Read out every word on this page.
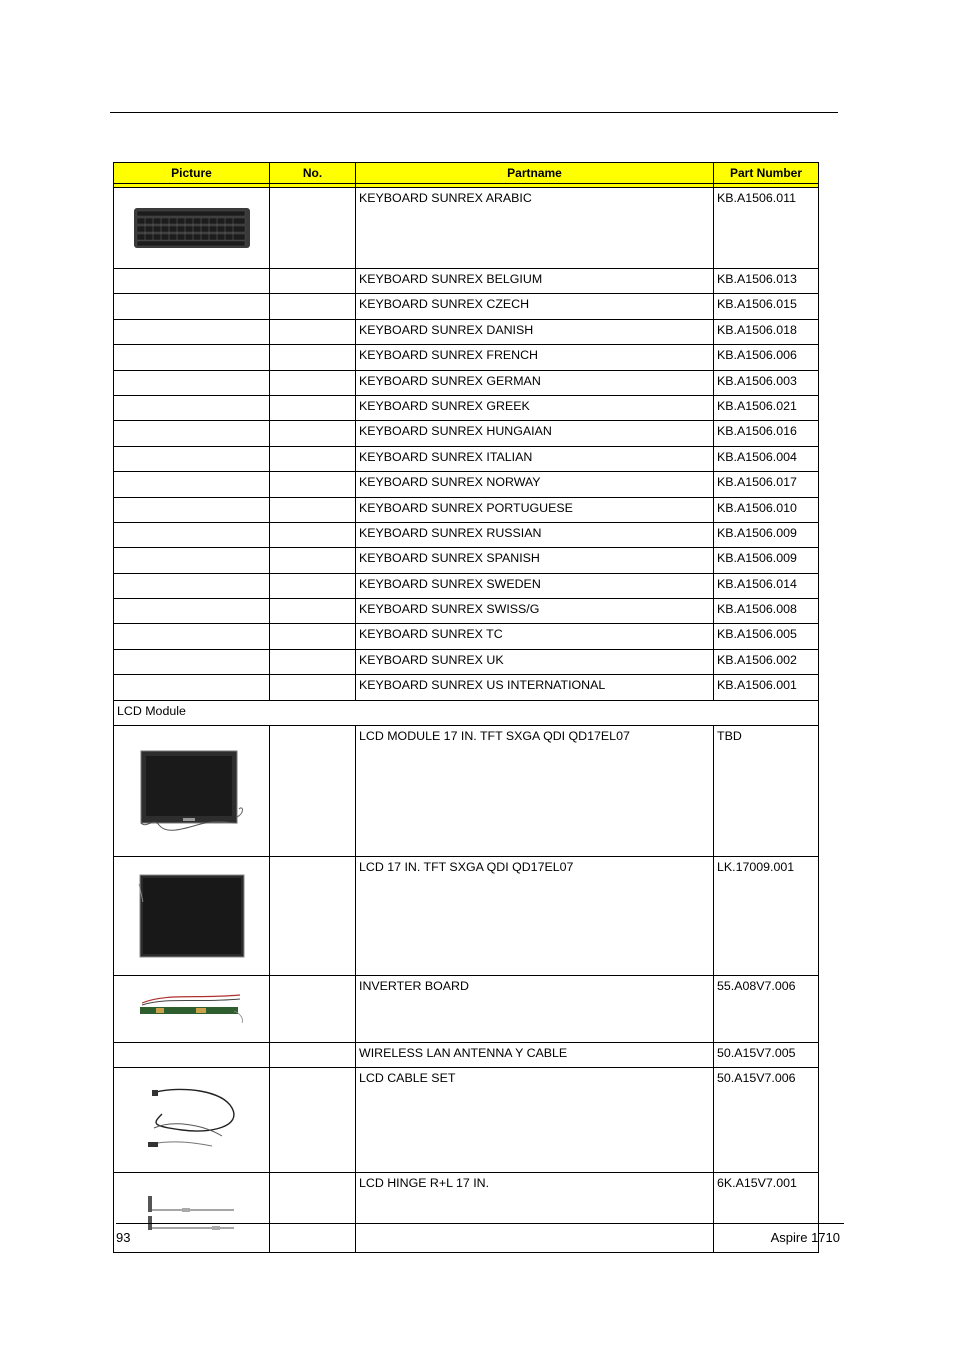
Picture	No.	Partname	Part Number

		KEYBOARD SUNREX ARABIC	KB.A1506.011
		KEYBOARD SUNREX BELGIUM	KB.A1506.013
		KEYBOARD SUNREX CZECH	KB.A1506.015
		KEYBOARD SUNREX DANISH	KB.A1506.018
		KEYBOARD SUNREX FRENCH	KB.A1506.006
		KEYBOARD SUNREX GERMAN	KB.A1506.003
		KEYBOARD SUNREX GREEK	KB.A1506.021
		KEYBOARD SUNREX HUNGAIAN	KB.A1506.016
		KEYBOARD SUNREX ITALIAN	KB.A1506.004
		KEYBOARD SUNREX NORWAY	KB.A1506.017
		KEYBOARD SUNREX PORTUGUESE	KB.A1506.010
		KEYBOARD SUNREX RUSSIAN	KB.A1506.009
		KEYBOARD SUNREX SPANISH	KB.A1506.009
		KEYBOARD SUNREX SWEDEN	KB.A1506.014
		KEYBOARD SUNREX SWISS/G	KB.A1506.008
		KEYBOARD SUNREX TC	KB.A1506.005
		KEYBOARD SUNREX UK	KB.A1506.002
		KEYBOARD SUNREX US INTERNATIONAL	KB.A1506.001
LCD Module			

		LCD MODULE 17 IN. TFT SXGA QDI QD17EL07	TBD

		LCD 17 IN. TFT SXGA QDI QD17EL07	LK.17009.001

		INVERTER BOARD	55.A08V7.006
		WIRELESS LAN ANTENNA Y CABLE	50.A15V7.005

		LCD CABLE SET	50.A15V7.006

		LCD HINGE R+L 17 IN.	6K.A15V7.001
93	Aspire 1710
